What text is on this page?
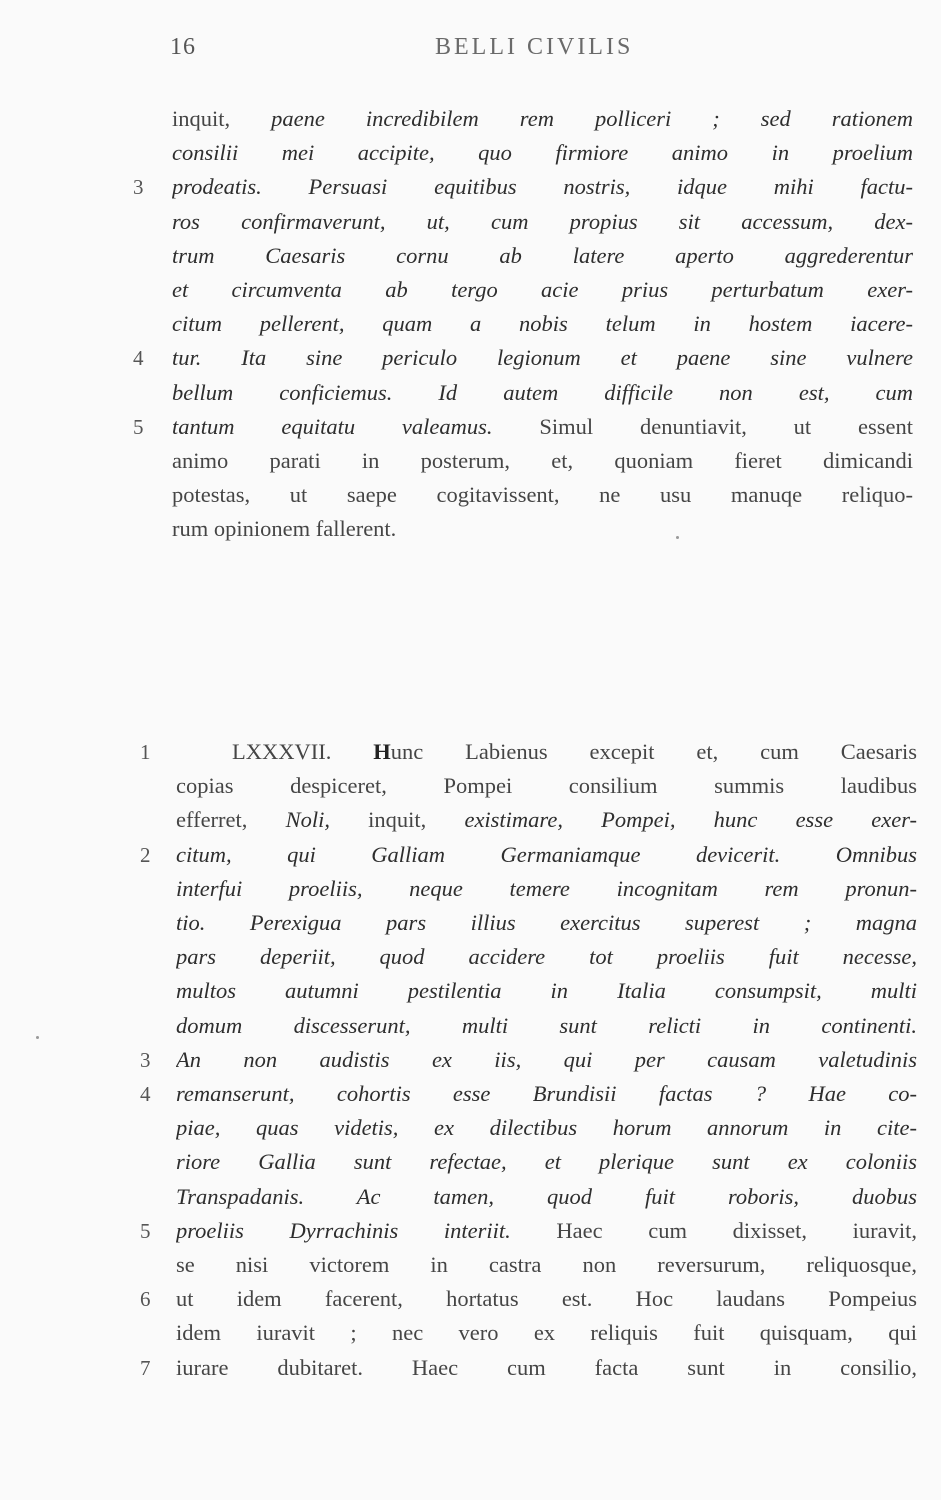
16	BELLI CIVILIS
inquit, paene incredibilem rem polliceri ; sed rationem
consilii mei accipite, quo firmiore animo in proelium
3	prodeatis. Persuasi equitibus nostris, idque mihi factu-
ros confirmaverunt, ut, cum propius sit accessum, dex-
trum Caesaris cornu ab latere aperto aggrederentur
et circumventa ab tergo acie prius perturbatum exer-
citum pellerent, quam a nobis telum in hostem iacere-
4	tur. Ita sine periculo legionum et paene sine vulnere
bellum conficiemus. Id autem difficile non est, cum
5	tantum equitatu valeamus. Simul denuntiavit, ut essent
animo parati in posterum, et, quoniam fieret dimicandi
potestas, ut saepe cogitavissent, ne usu manuqe reliquo-
rum opinionem fallerent.
1	LXXXVII. Hunc Labienus excepit et, cum Caesaris
copias despiceret, Pompei consilium summis laudibus
efferret, Noli, inquit, existimare, Pompei, hunc esse exer-
2	citum, qui Galliam Germaniamque devicerit. Omnibus
interfui proeliis, neque temere incognitam rem pronun-
tio. Perexigua pars illius exercitus superest ; magna
pars deperiit, quod accidere tot proeliis fuit necesse,
multos autumni pestilentia in Italia consumpsit, multi
domum discesserunt, multi sunt relicti in continenti.
3	An non audistis ex iis, qui per causam valetudinis
4	remanserunt, cohortis esse Brundisii factas ? Hae co-
piae, quas videtis, ex dilectibus horum annorum in cite-
riore Gallia sunt refectae, et plerique sunt ex coloniis
Transpadanis. Ac tamen, quod fuit roboris, duobus
5	proeliis Dyrrachinis interiit. Haec cum dixisset, iuravit,
se nisi victorem in castra non reversurum, reliquosque,
6	ut idem facerent, hortatus est. Hoc laudans Pompeius
idem iuravit ; nec vero ex reliquis fuit quisquam, qui
7	iurare dubitaret. Haec cum facta sunt in consilio,
